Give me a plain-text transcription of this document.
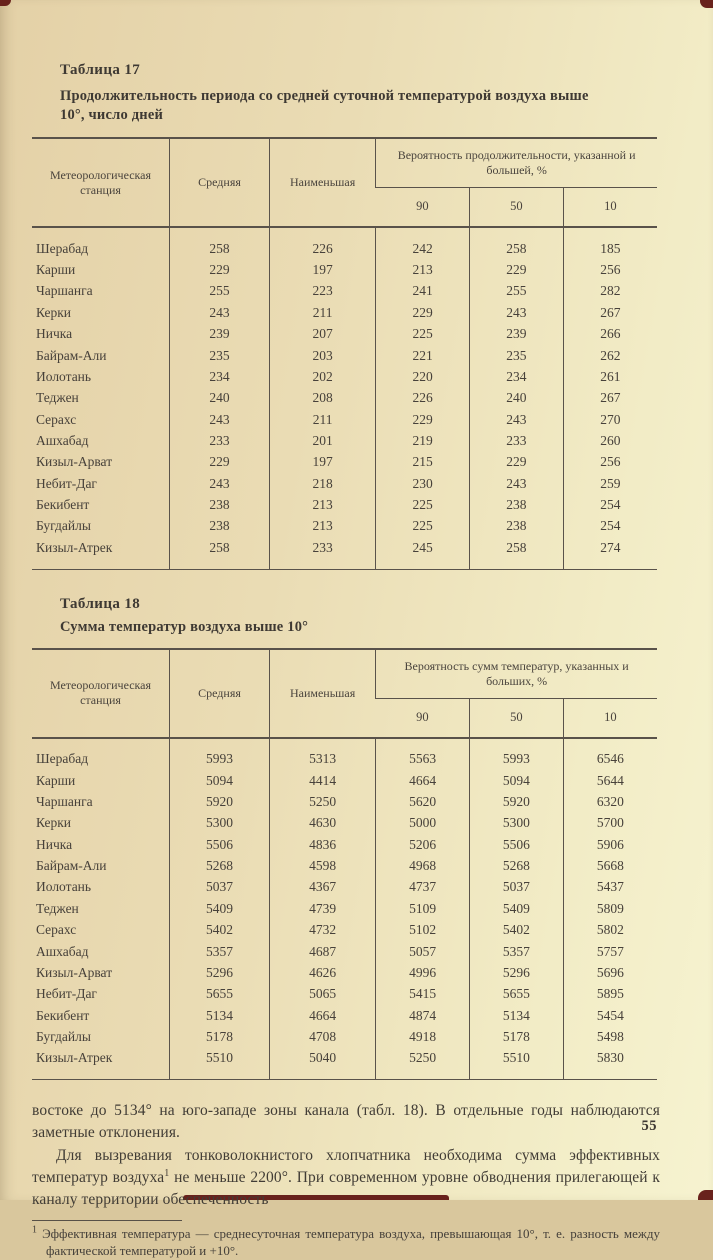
Таблица 17
Продолжительность периода со средней суточной температурой воздуха выше 10°, число дней
Метеорологическая станция	Средняя	Наименьшая	Вероятность продолжительности, указанной и большей, %		
			90	50	10

Шерабад	258	226	242	258	185
Карши	229	197	213	229	256
Чаршанга	255	223	241	255	282
Керки	243	211	229	243	267
Ничка	239	207	225	239	266
Байрам-Али	235	203	221	235	262
Иолотань	234	202	220	234	261
Теджен	240	208	226	240	267
Серахс	243	211	229	243	270
Ашхабад	233	201	219	233	260
Кизыл-Арват	229	197	215	229	256
Небит-Даг	243	218	230	243	259
Бекибент	238	213	225	238	254
Бугдайлы	238	213	225	238	254
Кизыл-Атрек	258	233	245	258	274

Таблица 18
Сумма температур воздуха выше 10°
Метеорологическая станция	Средняя	Наименьшая	Вероятность сумм температур, указанных и больших, %		
			90	50	10

Шерабад	5993	5313	5563	5993	6546
Карши	5094	4414	4664	5094	5644
Чаршанга	5920	5250	5620	5920	6320
Керки	5300	4630	5000	5300	5700
Ничка	5506	4836	5206	5506	5906
Байрам-Али	5268	4598	4968	5268	5668
Иолотань	5037	4367	4737	5037	5437
Теджен	5409	4739	5109	5409	5809
Серахс	5402	4732	5102	5402	5802
Ашхабад	5357	4687	5057	5357	5757
Кизыл-Арват	5296	4626	4996	5296	5696
Небит-Даг	5655	5065	5415	5655	5895
Бекибент	5134	4664	4874	5134	5454
Бугдайлы	5178	4708	4918	5178	5498
Кизыл-Атрек	5510	5040	5250	5510	5830

востоке до 5134° на юго-западе зоны канала (табл. 18). В отдельные годы наблюдаются заметные отклонения.

Для вызревания тонковолокнистого хлопчатника необходима сумма эффективных температур воздуха$^1$ не меньше 2200°. При современном уровне обводнения прилегающей к каналу территории обеспеченность

$^1$ Эффективная температура — среднесуточная температура воздуха, превышающая 10°, т. е. разность между фактической температурой и +10°.

55
